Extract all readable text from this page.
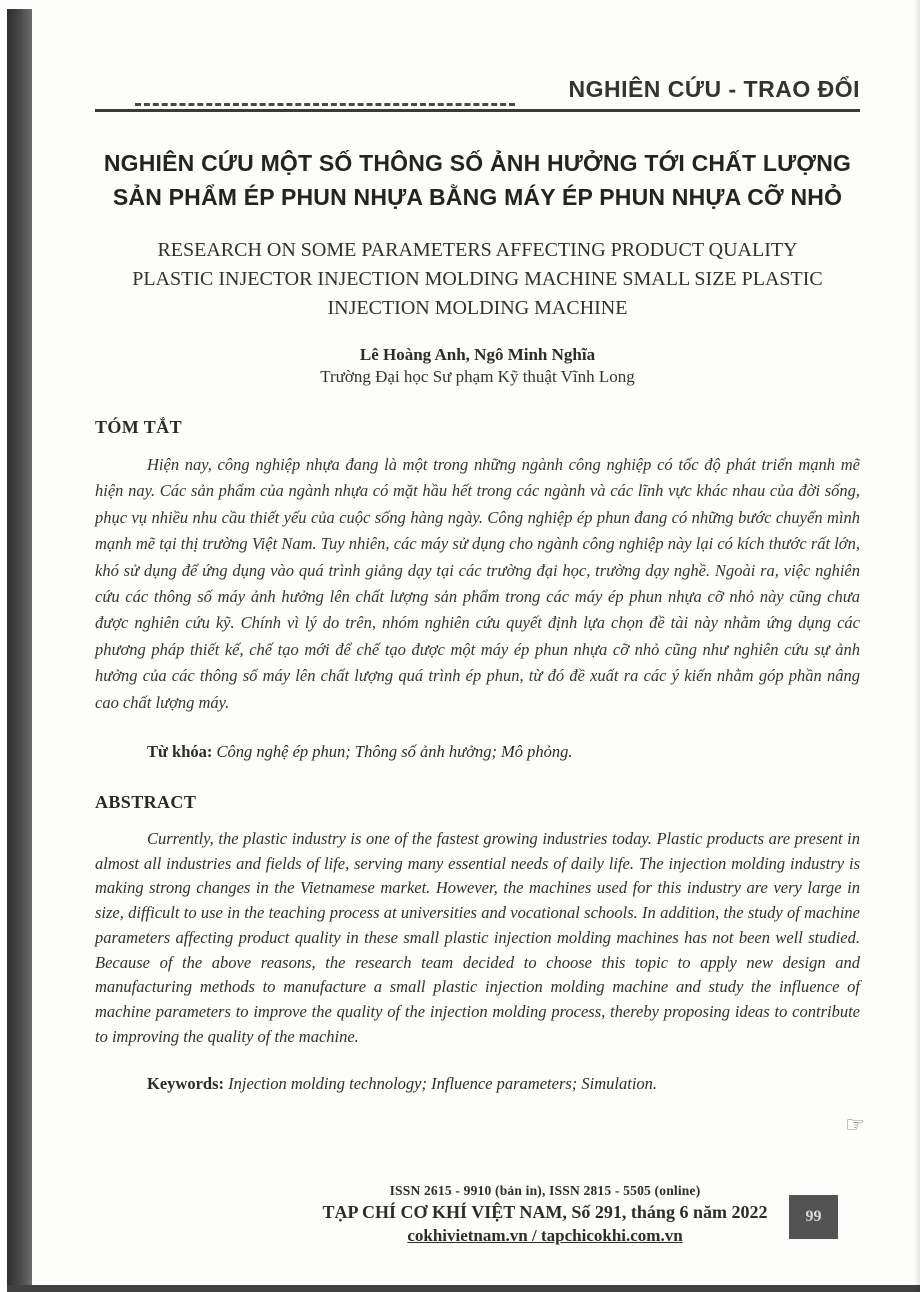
NGHIÊN CỨU - TRAO ĐỔI
NGHIÊN CỨU MỘT SỐ THÔNG SỐ ẢNH HƯỞNG TỚI CHẤT LƯỢNG SẢN PHẨM ÉP PHUN NHỰA BẰNG MÁY ÉP PHUN NHỰA CỠ NHỎ
RESEARCH ON SOME PARAMETERS AFFECTING PRODUCT QUALITY PLASTIC INJECTOR INJECTION MOLDING MACHINE SMALL SIZE PLASTIC INJECTION MOLDING MACHINE
Lê Hoàng Anh, Ngô Minh Nghĩa
Trường Đại học Sư phạm Kỹ thuật Vĩnh Long
TÓM TẮT

Hiện nay, công nghiệp nhựa đang là một trong những ngành công nghiệp có tốc độ phát triển mạnh mẽ hiện nay. Các sản phẩm của ngành nhựa có mặt hầu hết trong các ngành và các lĩnh vực khác nhau của đời sống, phục vụ nhiều nhu cầu thiết yếu của cuộc sống hàng ngày. Công nghiệp ép phun đang có những bước chuyển mình mạnh mẽ tại thị trường Việt Nam. Tuy nhiên, các máy sử dụng cho ngành công nghiệp này lại có kích thước rất lớn, khó sử dụng để ứng dụng vào quá trình giảng dạy tại các trường đại học, trường dạy nghề. Ngoài ra, việc nghiên cứu các thông số máy ảnh hưởng lên chất lượng sản phẩm trong các máy ép phun nhựa cỡ nhỏ này cũng chưa được nghiên cứu kỹ. Chính vì lý do trên, nhóm nghiên cứu quyết định lựa chọn đề tài này nhằm ứng dụng các phương pháp thiết kế, chế tạo mới để chế tạo được một máy ép phun nhựa cỡ nhỏ cũng như nghiên cứu sự ảnh hưởng của các thông số máy lên chất lượng quá trình ép phun, từ đó đề xuất ra các ý kiến nhằm góp phần nâng cao chất lượng máy.

Từ khóa: Công nghệ ép phun; Thông số ảnh hưởng; Mô phỏng.

ABSTRACT

Currently, the plastic industry is one of the fastest growing industries today. Plastic products are present in almost all industries and fields of life, serving many essential needs of daily life. The injection molding industry is making strong changes in the Vietnamese market. However, the machines used for this industry are very large in size, difficult to use in the teaching process at universities and vocational schools. In addition, the study of machine parameters affecting product quality in these small plastic injection molding machines has not been well studied. Because of the above reasons, the research team decided to choose this topic to apply new design and manufacturing methods to manufacture a small plastic injection molding machine and study the influence of machine parameters to improve the quality of the injection molding process, thereby proposing ideas to contribute to improving the quality of the machine.

Keywords: Injection molding technology; Influence parameters; Simulation.

☞
ISSN 2615 - 9910 (bản in), ISSN 2815 - 5505 (online)
TẠP CHÍ CƠ KHÍ VIỆT NAM, Số 291, tháng 6 năm 2022
cokhivietnam.vn / tapchicokhi.com.vn
99
